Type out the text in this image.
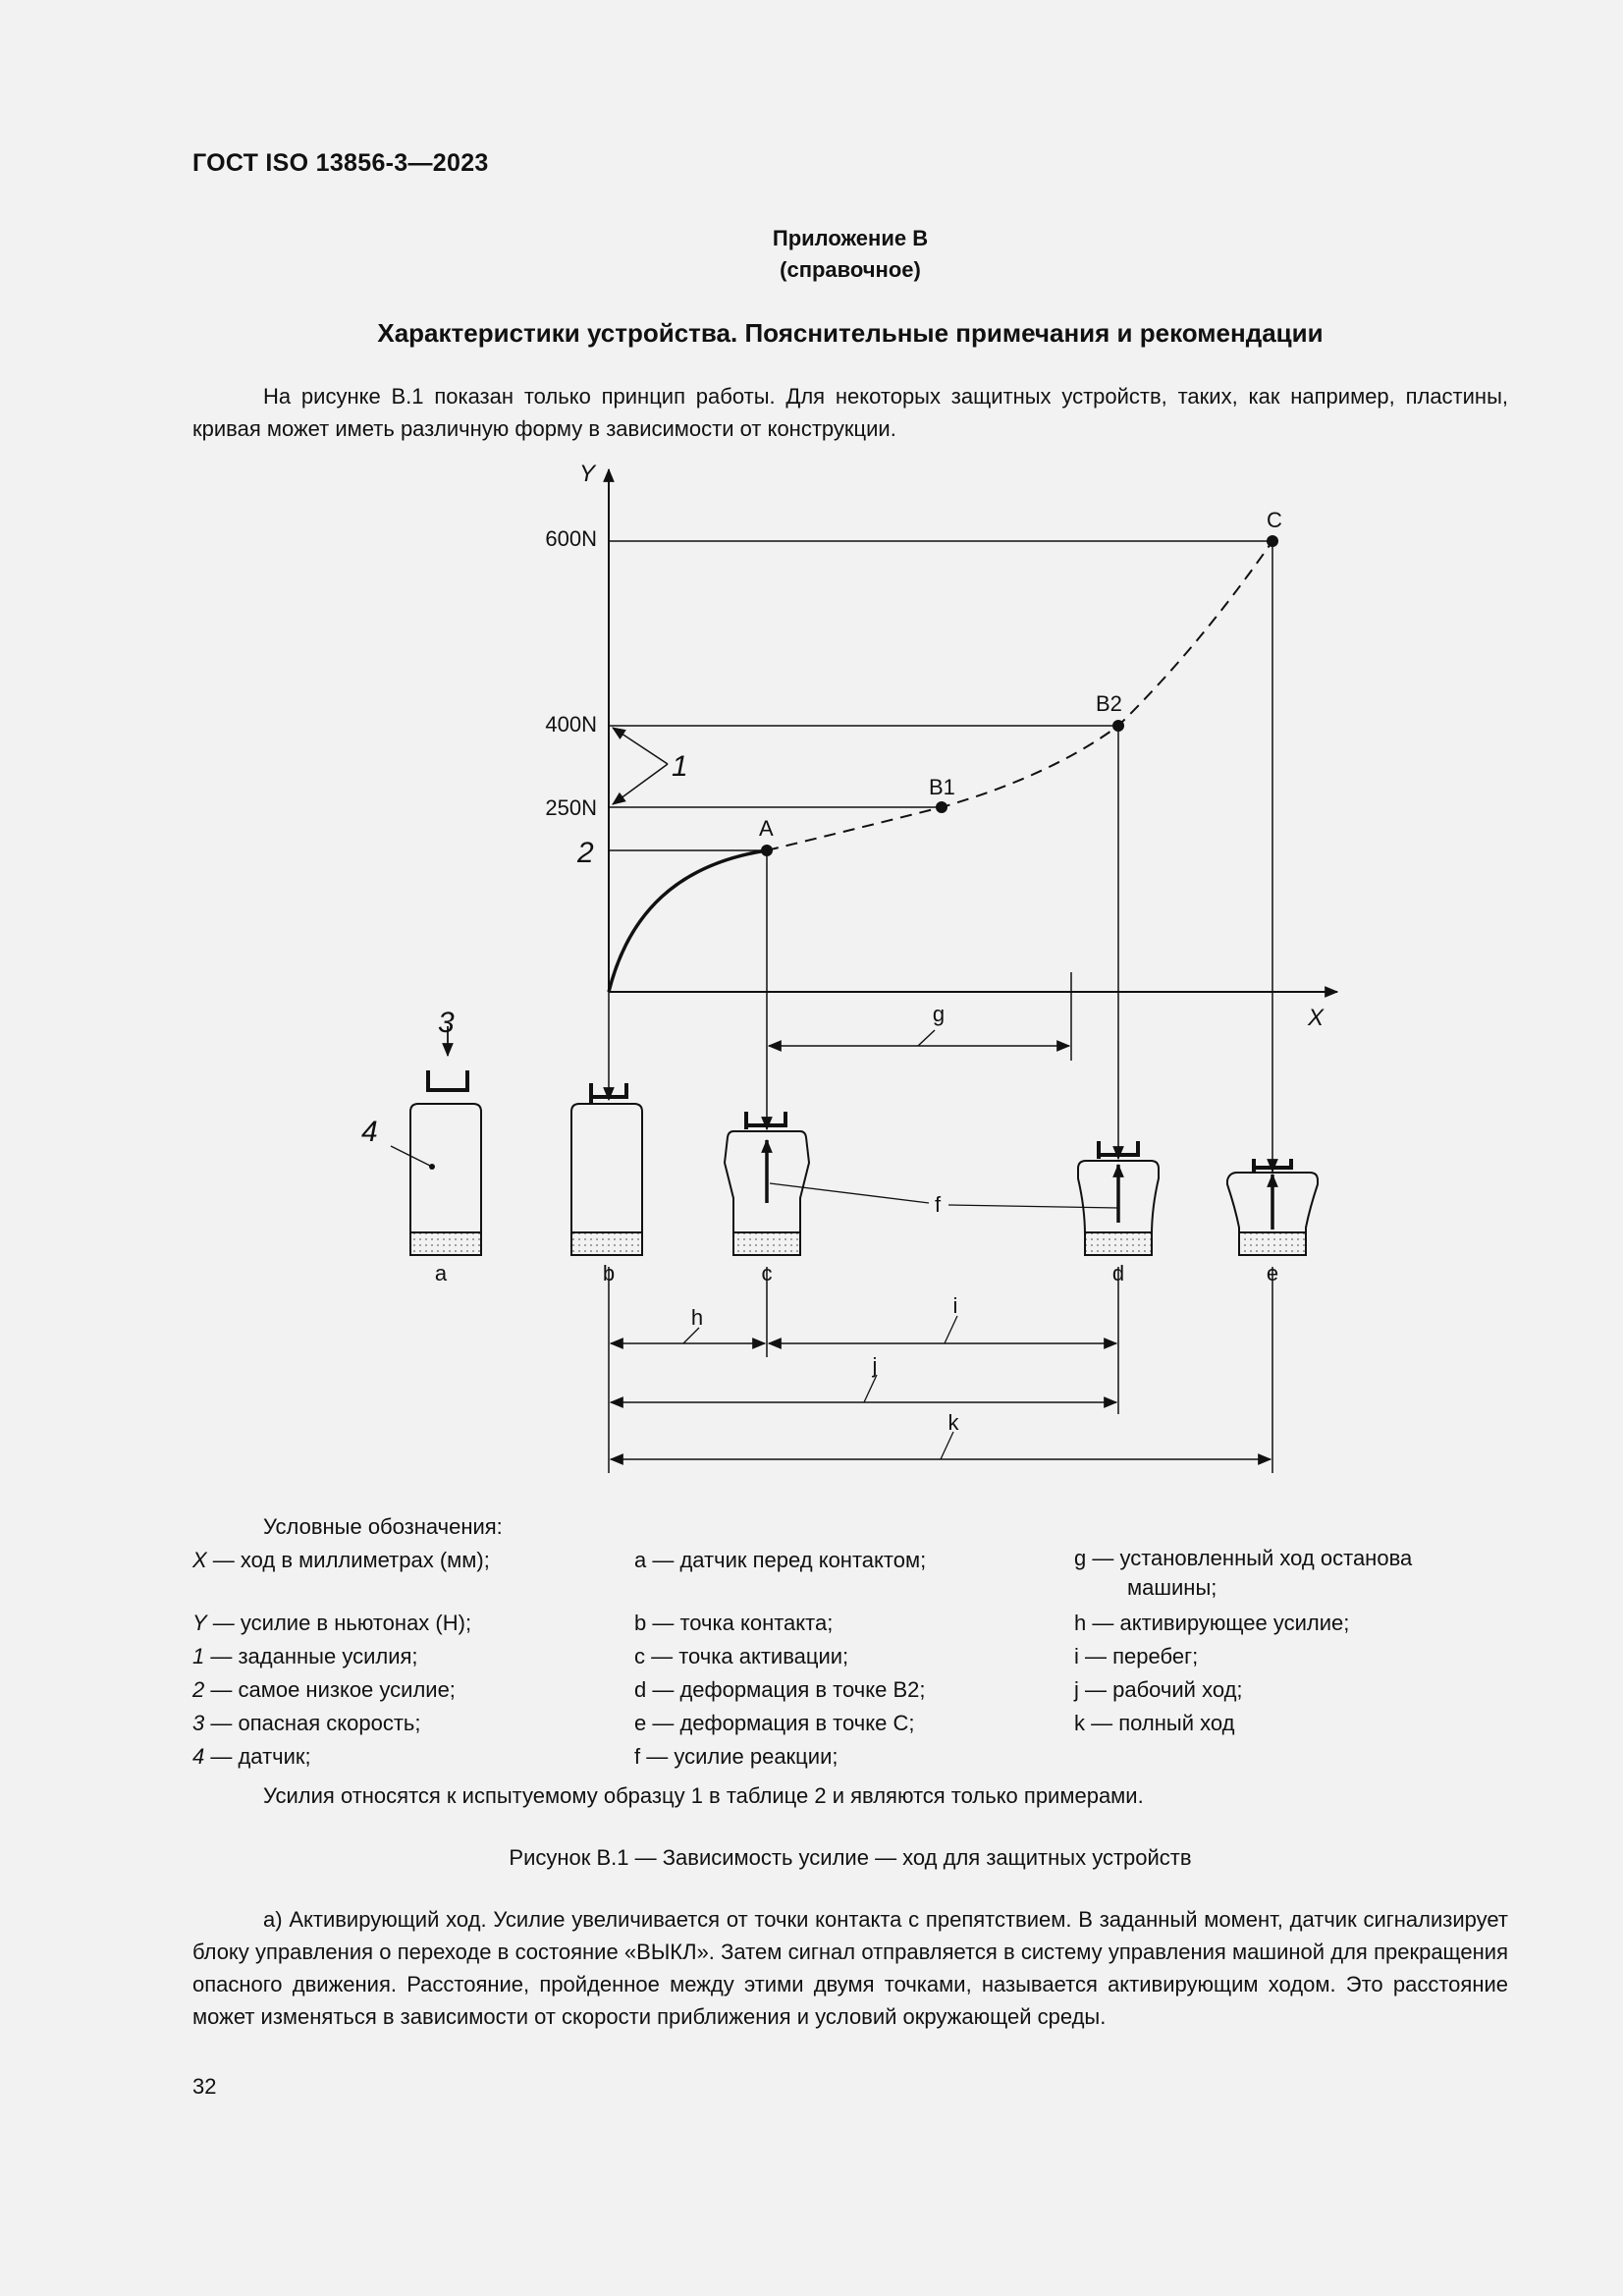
ГОСТ ISO 13856-3—2023
Приложение В
(справочное)
Характеристики устройства. Пояснительные примечания и рекомендации
На рисунке В.1 показан только принцип работы. Для некоторых защитных устройств, таких, как например, пластины, кривая может иметь различную форму в зависимости от конструкции.
Y
X
600N
400N
250N
A
B1
B2
C
1
2
3
4
a	b	c	d	e
g
f
h	i
j
k
Условные обозначения:
X — ход в миллиметрах (мм);
Y — усилие в ньютонах (Н);
1 — заданные усилия;
2 — самое низкое усилие;
3 — опасная скорость;
4 — датчик;
а — датчик перед контактом;
b — точка контакта;
с — точка активации;
d — деформация в точке В2;
е — деформация в точке С;
f — усилие реакции;
g — установленный ход останова
машины;
h — активирующее усилие;
i — перебег;
j — рабочий ход;
k — полный ход
Усилия относятся к испытуемому образцу 1 в таблице 2 и являются только примерами.
Рисунок В.1 — Зависимость усилие — ход для защитных устройств
а) Активирующий ход. Усилие увеличивается от точки контакта с препятствием. В заданный момент, датчик сигнализирует блоку управления о переходе в состояние «ВЫКЛ». Затем сигнал отправляется в систему управления машиной для прекращения опасного движения. Расстояние, пройденное между этими двумя точками, называется активирующим ходом. Это расстояние может изменяться в зависимости от скорости приближения и условий окружающей среды.
32
